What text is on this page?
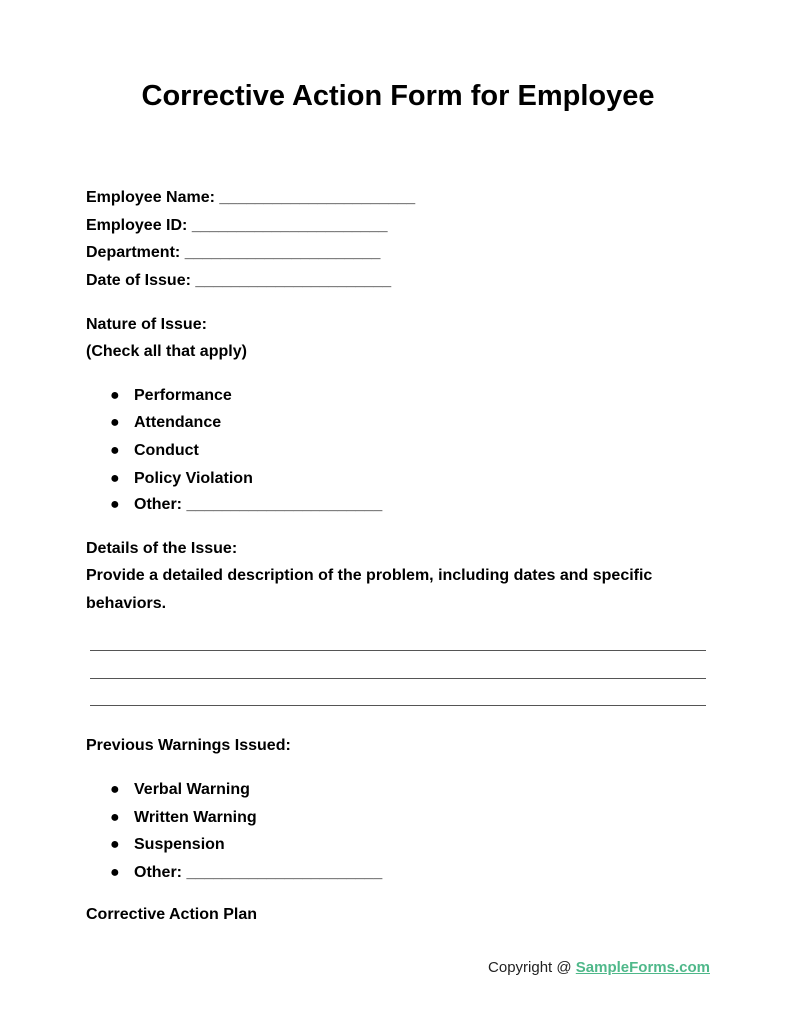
Corrective Action Form for Employee
Employee Name: ______________________
Employee ID: ______________________
Department: ______________________
Date of Issue: ______________________
Nature of Issue:
(Check all that apply)
● Performance
● Attendance
● Conduct
● Policy Violation
● Other: ______________________
Details of the Issue:
Provide a detailed description of the problem, including dates and specific
behaviors.
Previous Warnings Issued:
● Verbal Warning
● Written Warning
● Suspension
● Other: ______________________
Corrective Action Plan
Copyright @ SampleForms.com
